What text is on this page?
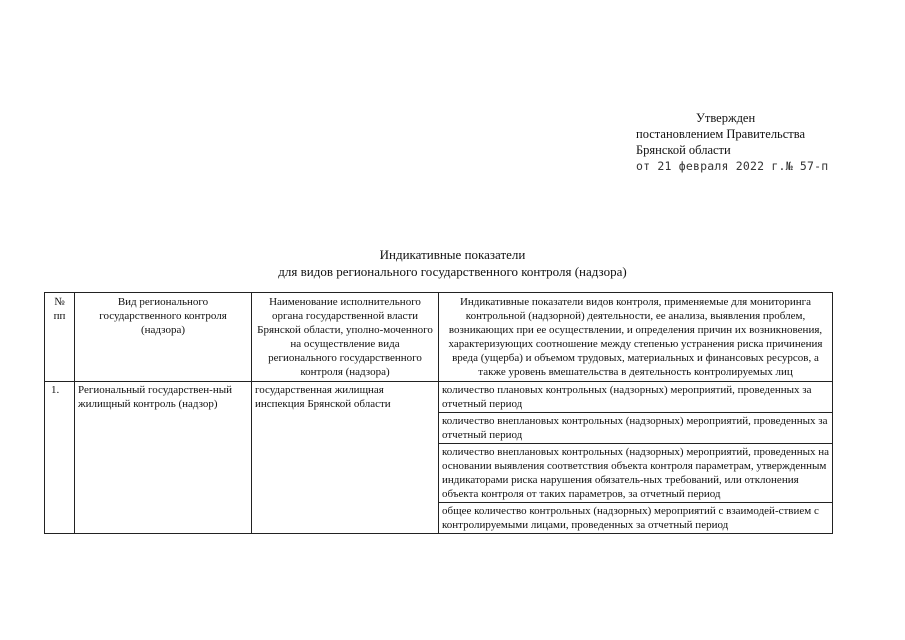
Утвержден
постановлением Правительства
Брянской области
от 21 февраля 2022 г.№ 57-п
Индикативные показатели
для видов регионального государственного контроля (надзора)
№ пп	Вид регионального государственного контроля (надзора)	Наименование исполнительного органа государственной власти Брянской области, уполно-моченного на осуществление вида регионального государственного контроля (надзора)	Индикативные показатели видов контроля, применяемые для мониторинга контрольной (надзорной) деятельности, ее анализа, выявления проблем, возникающих при ее осуществлении, и определения причин их возникновения, характеризующих соотношение между степенью устранения риска причинения вреда (ущерба) и объемом трудовых, материальных и финансовых ресурсов, а также уровень вмешательства в деятельность контролируемых лиц

1.	Региональный государствен-ный жилищный контроль (надзор)	государственная жилищная инспекция Брянской области	количество плановых контрольных (надзорных) мероприятий, проведенных за отчетный период
			количество внеплановых контрольных (надзорных) мероприятий, проведенных за отчетный период
			количество внеплановых контрольных (надзорных) мероприятий, проведенных на основании выявления соответствия объекта контроля параметрам, утвержденным индикаторами риска нарушения обязатель-ных требований, или отклонения объекта контроля от таких параметров, за отчетный период
			общее количество контрольных (надзорных) мероприятий с взаимодей-ствием с контролируемыми лицами, проведенных за отчетный период
